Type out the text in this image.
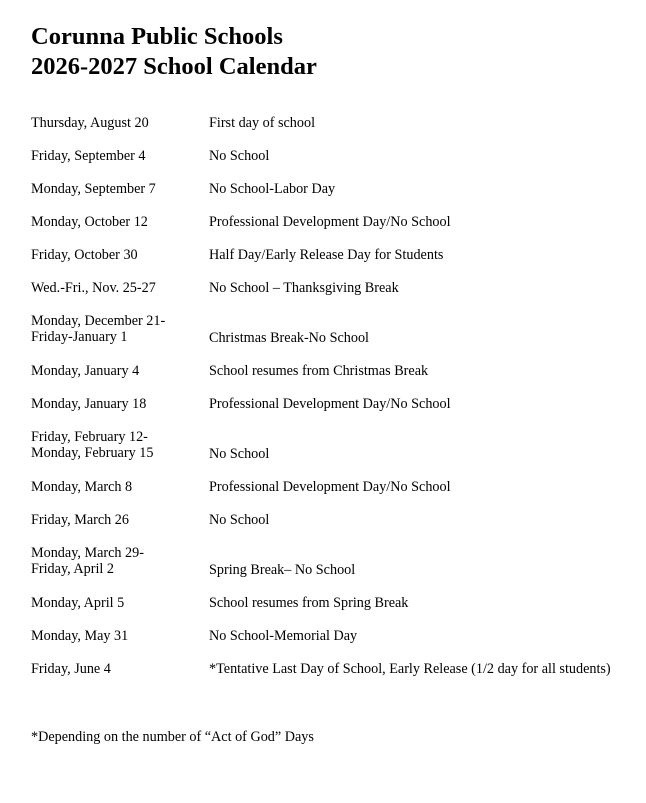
Corunna Public Schools
2026-2027 School Calendar
Thursday, August 20	First day of school
Friday, September 4	No School
Monday, September 7	No School-Labor Day
Monday, October 12	Professional Development Day/No School
Friday, October 30	Half Day/Early Release Day for Students
Wed.-Fri., Nov. 25-27	No School – Thanksgiving Break
Monday, December 21-
Friday-January 1	Christmas Break-No School
Monday, January 4	School resumes from Christmas Break
Monday, January 18	Professional Development Day/No School
Friday, February 12-
Monday, February 15	No School
Monday, March 8	Professional Development Day/No School
Friday, March 26	No School
Monday, March 29-
Friday, April 2	Spring Break– No School
Monday, April 5	School resumes from Spring Break
Monday, May 31	No School-Memorial Day
Friday, June 4	*Tentative Last Day of School, Early Release (1/2 day for all students)
*Depending on the number of “Act of God” Days
